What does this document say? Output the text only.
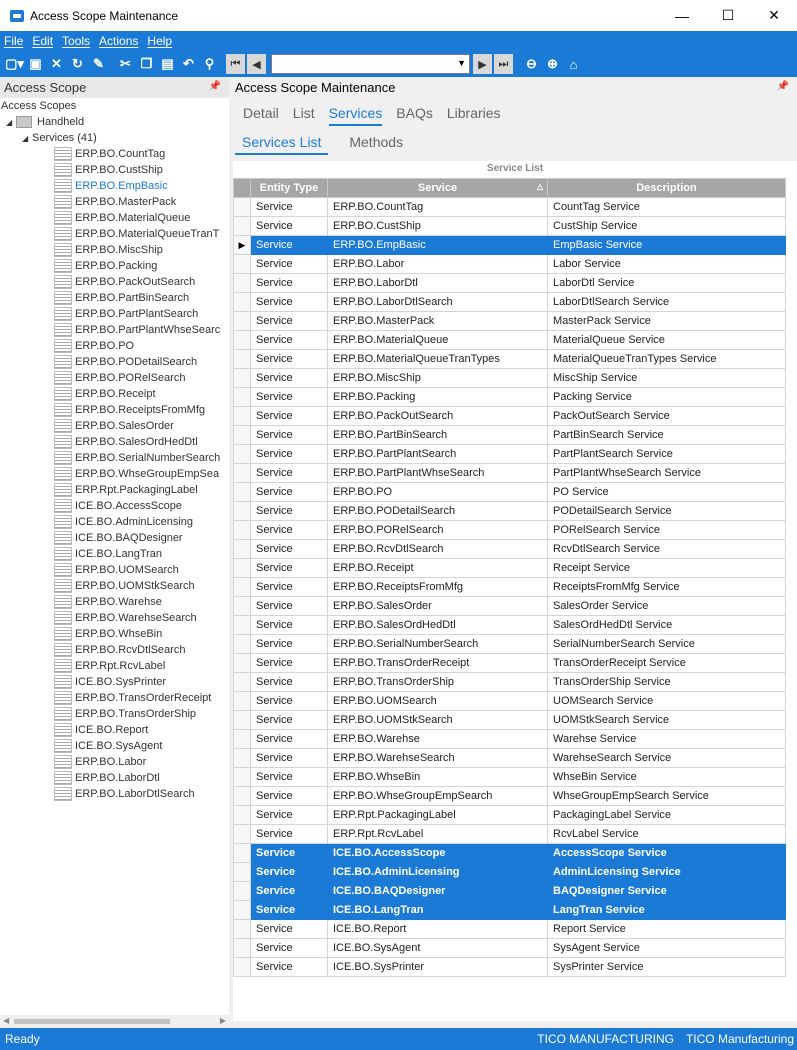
Access Scope Maintenance	—	☐	✕
File Edit Tools Actions Help
▢▾ ▣ ✕ ↻ ✎	✂ ❐ ▤ ↶ ⚲	⏮	◀	▼	▶	⏭	⊖ ⊕ ⌂
Access Scope	📌
Access Scopes
◢	Handheld
◢ Services (41)
ERP.BO.CountTag
ERP.BO.CustShip
ERP.BO.EmpBasic
ERP.BO.MasterPack
ERP.BO.MaterialQueue
ERP.BO.MaterialQueueTranT
ERP.BO.MiscShip
ERP.BO.Packing
ERP.BO.PackOutSearch
ERP.BO.PartBinSearch
ERP.BO.PartPlantSearch
ERP.BO.PartPlantWhseSearc
ERP.BO.PO
ERP.BO.PODetailSearch
ERP.BO.PORelSearch
ERP.BO.Receipt
ERP.BO.ReceiptsFromMfg
ERP.BO.SalesOrder
ERP.BO.SalesOrdHedDtl
ERP.BO.SerialNumberSearch
ERP.BO.WhseGroupEmpSea
ERP.Rpt.PackagingLabel
ICE.BO.AccessScope
ICE.BO.AdminLicensing
ICE.BO.BAQDesigner
ICE.BO.LangTran
ERP.BO.UOMSearch
ERP.BO.UOMStkSearch
ERP.BO.Warehse
ERP.BO.WarehseSearch
ERP.BO.WhseBin
ERP.BO.RcvDtlSearch
ERP.Rpt.RcvLabel
ICE.BO.SysPrinter
ERP.BO.TransOrderReceipt
ERP.BO.TransOrderShip
ICE.BO.Report
ICE.BO.SysAgent
ERP.BO.Labor
ERP.BO.LaborDtl
ERP.BO.LaborDtlSearch
◀	▶
Access Scope Maintenance	📌
Detail List Services BAQs Libraries
Services List	Methods
Service List
	Entity Type	Service △	Description
	Service	ERP.BO.CountTag	CountTag Service
	Service	ERP.BO.CustShip	CustShip Service
▶	Service	ERP.BO.EmpBasic	EmpBasic Service
	Service	ERP.BO.Labor	Labor Service
	Service	ERP.BO.LaborDtl	LaborDtl Service
	Service	ERP.BO.LaborDtlSearch	LaborDtlSearch Service
	Service	ERP.BO.MasterPack	MasterPack Service
	Service	ERP.BO.MaterialQueue	MaterialQueue Service
	Service	ERP.BO.MaterialQueueTranTypes	MaterialQueueTranTypes Service
	Service	ERP.BO.MiscShip	MiscShip Service
	Service	ERP.BO.Packing	Packing Service
	Service	ERP.BO.PackOutSearch	PackOutSearch Service
	Service	ERP.BO.PartBinSearch	PartBinSearch Service
	Service	ERP.BO.PartPlantSearch	PartPlantSearch Service
	Service	ERP.BO.PartPlantWhseSearch	PartPlantWhseSearch Service
	Service	ERP.BO.PO	PO Service
	Service	ERP.BO.PODetailSearch	PODetailSearch Service
	Service	ERP.BO.PORelSearch	PORelSearch Service
	Service	ERP.BO.RcvDtlSearch	RcvDtlSearch Service
	Service	ERP.BO.Receipt	Receipt Service
	Service	ERP.BO.ReceiptsFromMfg	ReceiptsFromMfg Service
	Service	ERP.BO.SalesOrder	SalesOrder Service
	Service	ERP.BO.SalesOrdHedDtl	SalesOrdHedDtl Service
	Service	ERP.BO.SerialNumberSearch	SerialNumberSearch Service
	Service	ERP.BO.TransOrderReceipt	TransOrderReceipt Service
	Service	ERP.BO.TransOrderShip	TransOrderShip Service
	Service	ERP.BO.UOMSearch	UOMSearch Service
	Service	ERP.BO.UOMStkSearch	UOMStkSearch Service
	Service	ERP.BO.Warehse	Warehse Service
	Service	ERP.BO.WarehseSearch	WarehseSearch Service
	Service	ERP.BO.WhseBin	WhseBin Service
	Service	ERP.BO.WhseGroupEmpSearch	WhseGroupEmpSearch Service
	Service	ERP.Rpt.PackagingLabel	PackagingLabel Service
	Service	ERP.Rpt.RcvLabel	RcvLabel Service
	Service	ICE.BO.AccessScope	AccessScope Service
	Service	ICE.BO.AdminLicensing	AdminLicensing Service
	Service	ICE.BO.BAQDesigner	BAQDesigner Service
	Service	ICE.BO.LangTran	LangTran Service
	Service	ICE.BO.Report	Report Service
	Service	ICE.BO.SysAgent	SysAgent Service
	Service	ICE.BO.SysPrinter	SysPrinter Service
Ready	TICO MANUFACTURING TICO Manufacturing
